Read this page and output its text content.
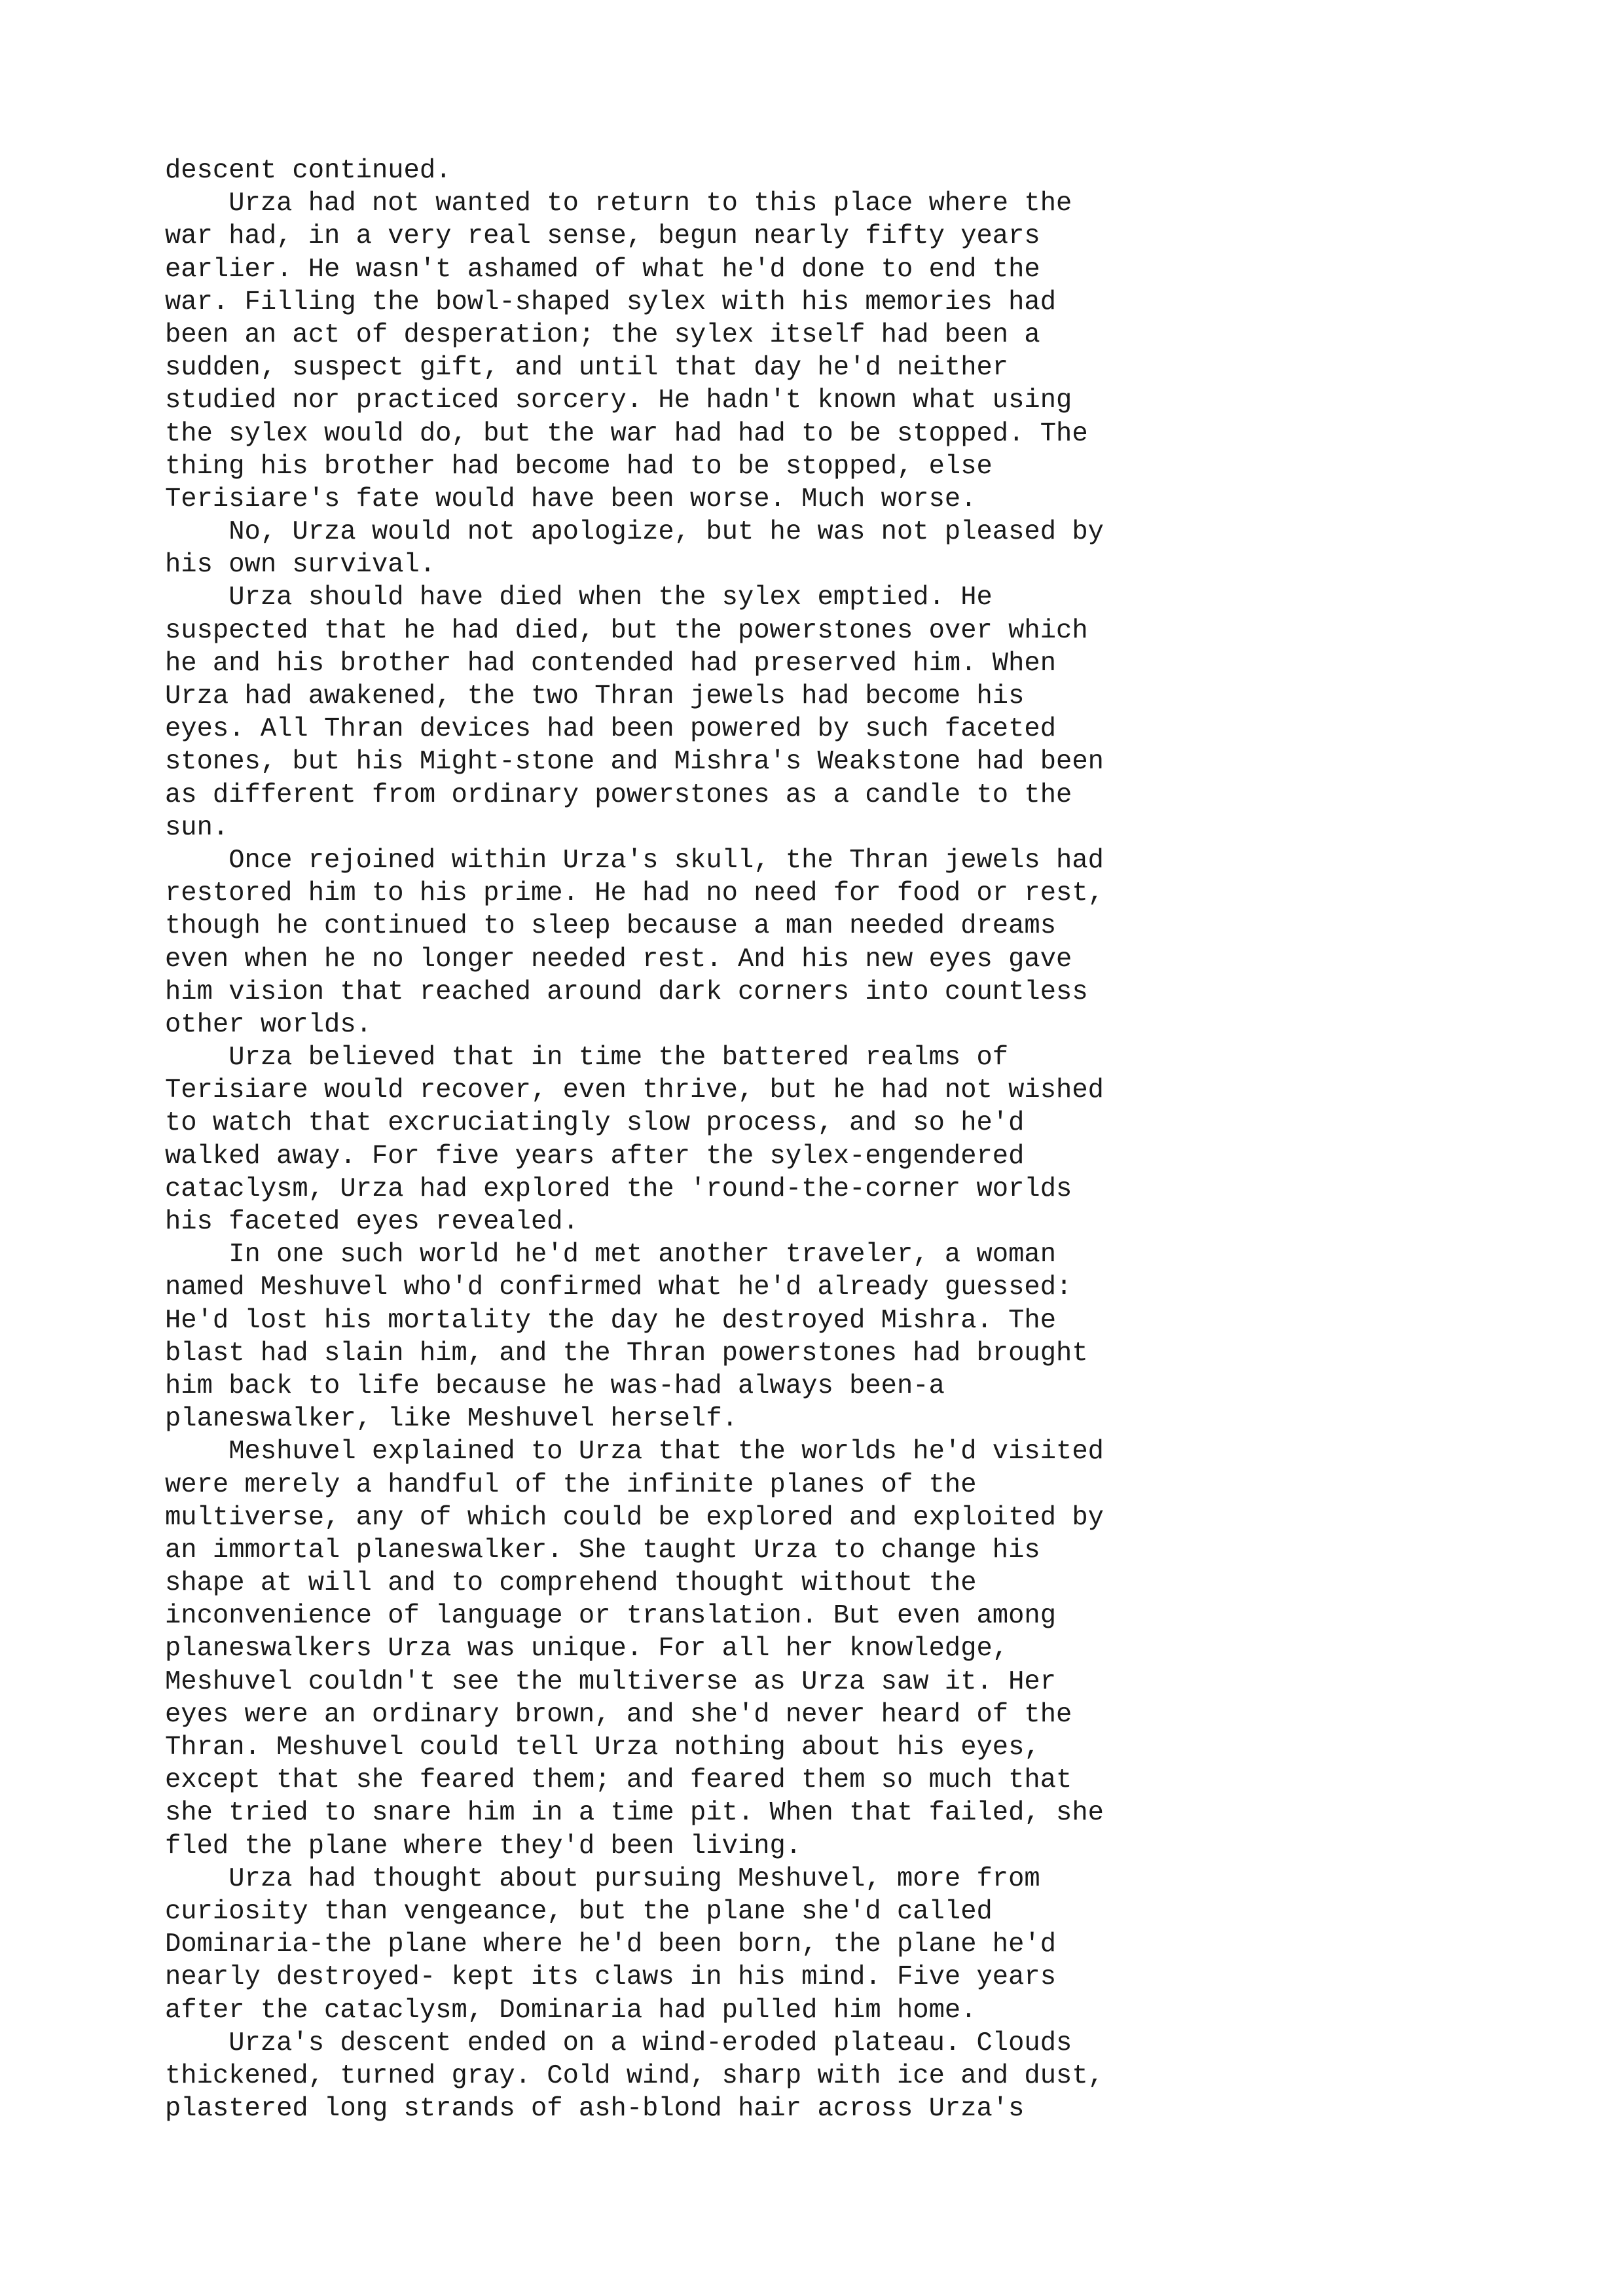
descent continued.
Urza had not wanted to return to this place where the
war had, in a very real sense, begun nearly fifty years
earlier. He wasn't ashamed of what he'd done to end the
war. Filling the bowl-shaped sylex with his memories had
been an act of desperation; the sylex itself had been a
sudden, suspect gift, and until that day he'd neither
studied nor practiced sorcery. He hadn't known what using
the sylex would do, but the war had had to be stopped. The
thing his brother had become had to be stopped, else
Terisiare's fate would have been worse. Much worse.
No, Urza would not apologize, but he was not pleased by
his own survival.
Urza should have died when the sylex emptied. He
suspected that he had died, but the powerstones over which
he and his brother had contended had preserved him. When
Urza had awakened, the two Thran jewels had become his
eyes. All Thran devices had been powered by such faceted
stones, but his Might-stone and Mishra's Weakstone had been
as different from ordinary powerstones as a candle to the
sun.
Once rejoined within Urza's skull, the Thran jewels had
restored him to his prime. He had no need for food or rest,
though he continued to sleep because a man needed dreams
even when he no longer needed rest. And his new eyes gave
him vision that reached around dark corners into countless
other worlds.
Urza believed that in time the battered realms of
Terisiare would recover, even thrive, but he had not wished
to watch that excruciatingly slow process, and so he'd
walked away. For five years after the sylex-engendered
cataclysm, Urza had explored the 'round-the-corner worlds
his faceted eyes revealed.
In one such world he'd met another traveler, a woman
named Meshuvel who'd confirmed what he'd already guessed:
He'd lost his mortality the day he destroyed Mishra. The
blast had slain him, and the Thran powerstones had brought
him back to life because he was-had always been-a
planeswalker, like Meshuvel herself.
Meshuvel explained to Urza that the worlds he'd visited
were merely a handful of the infinite planes of the
multiverse, any of which could be explored and exploited by
an immortal planeswalker. She taught Urza to change his
shape at will and to comprehend thought without the
inconvenience of language or translation. But even among
planeswalkers Urza was unique. For all her knowledge,
Meshuvel couldn't see the multiverse as Urza saw it. Her
eyes were an ordinary brown, and she'd never heard of the
Thran. Meshuvel could tell Urza nothing about his eyes,
except that she feared them; and feared them so much that
she tried to snare him in a time pit. When that failed, she
fled the plane where they'd been living.
Urza had thought about pursuing Meshuvel, more from
curiosity than vengeance, but the plane she'd called
Dominaria-the plane where he'd been born, the plane he'd
nearly destroyed- kept its claws in his mind. Five years
after the cataclysm, Dominaria had pulled him home.
Urza's descent ended on a wind-eroded plateau. Clouds
thickened, turned gray. Cold wind, sharp with ice and dust,
plastered long strands of ash-blond hair across Urza's
